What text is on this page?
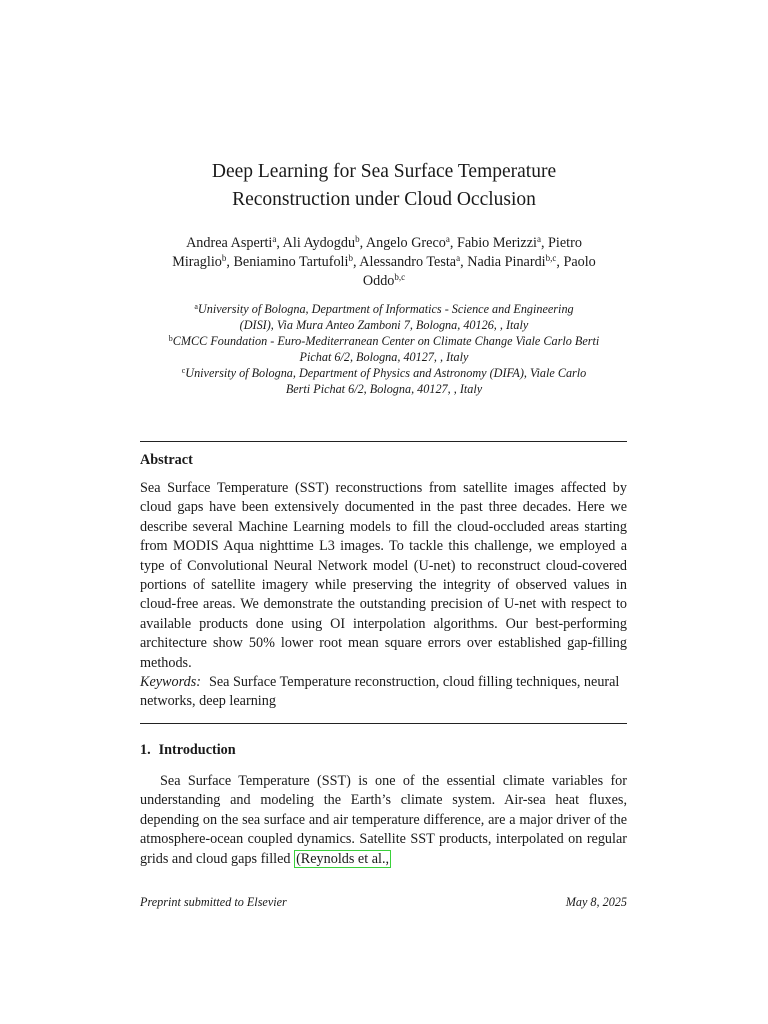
Deep Learning for Sea Surface Temperature
Reconstruction under Cloud Occlusion
Andrea Asperti$^a$, Ali Aydogdu$^b$, Angelo Greco$^a$, Fabio Merizzi$^a$, Pietro
Miraglio$^b$, Beniamino Tartufoli$^b$, Alessandro Testa$^a$, Nadia Pinardi$^{b,c}$, Paolo
Oddo$^{b,c}$
$^a$University of Bologna, Department of Informatics - Science and Engineering
(DISI), Via Mura Anteo Zamboni 7, Bologna, 40126, , Italy
$^b$CMCC Foundation - Euro-Mediterranean Center on Climate Change Viale Carlo Berti
Pichat 6/2, Bologna, 40127, , Italy
$^c$University of Bologna, Department of Physics and Astronomy (DIFA), Viale Carlo
Berti Pichat 6/2, Bologna, 40127, , Italy
Abstract
Sea Surface Temperature (SST) reconstructions from satellite images affected by cloud gaps have been extensively documented in the past three decades. Here we describe several Machine Learning models to fill the cloud-occluded areas starting from MODIS Aqua nighttime L3 images. To tackle this challenge, we employed a type of Convolutional Neural Network model (U-net) to reconstruct cloud-covered portions of satellite imagery while preserving the integrity of observed values in cloud-free areas. We demonstrate the outstanding precision of U-net with respect to available products done using OI interpolation algorithms. Our best-performing architecture show 50% lower root mean square errors over established gap-filling methods.
Keywords: Sea Surface Temperature reconstruction, cloud filling techniques, neural networks, deep learning
1. Introduction
Sea Surface Temperature (SST) is one of the essential climate variables for understanding and modeling the Earth’s climate system. Air-sea heat fluxes, depending on the sea surface and air temperature difference, are a major driver of the atmosphere-ocean coupled dynamics. Satellite SST products, interpolated on regular grids and cloud gaps filled (Reynolds et al.,
Preprint submitted to Elsevier	May 8, 2025
